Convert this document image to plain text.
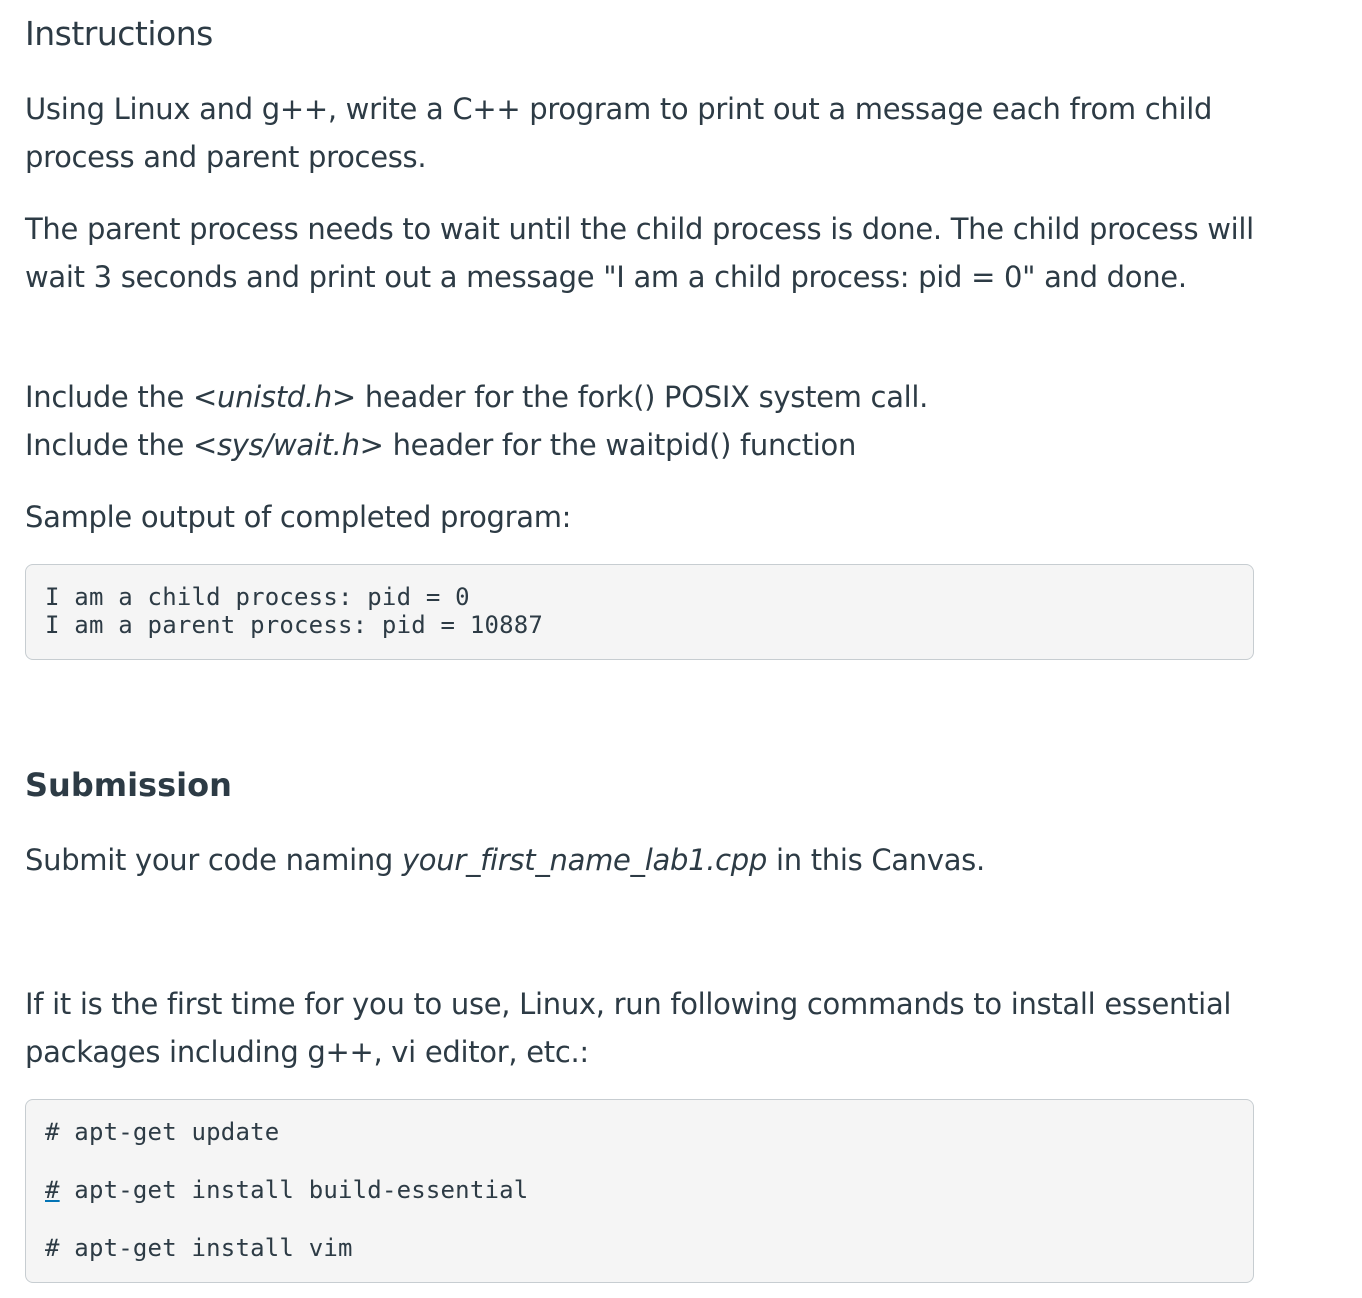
Instructions

Using Linux and g++, write a C++ program to print out a message each from child process and parent process.

The parent process needs to wait until the child process is done. The child process will wait 3 seconds and print out a message "I am a child process: pid = 0" and done.

Include the <unistd.h> header for the fork() POSIX system call.
Include the <sys/wait.h> header for the waitpid() function

Sample output of completed program:

I am a child process: pid = 0
I am a parent process: pid = 10887
Submission

Submit your code naming your_first_name_lab1.cpp in this Canvas.

If it is the first time for you to use, Linux, run following commands to install essential packages including g++, vi editor, etc.:

# apt-get update
# apt-get install build-essential
# apt-get install vim
